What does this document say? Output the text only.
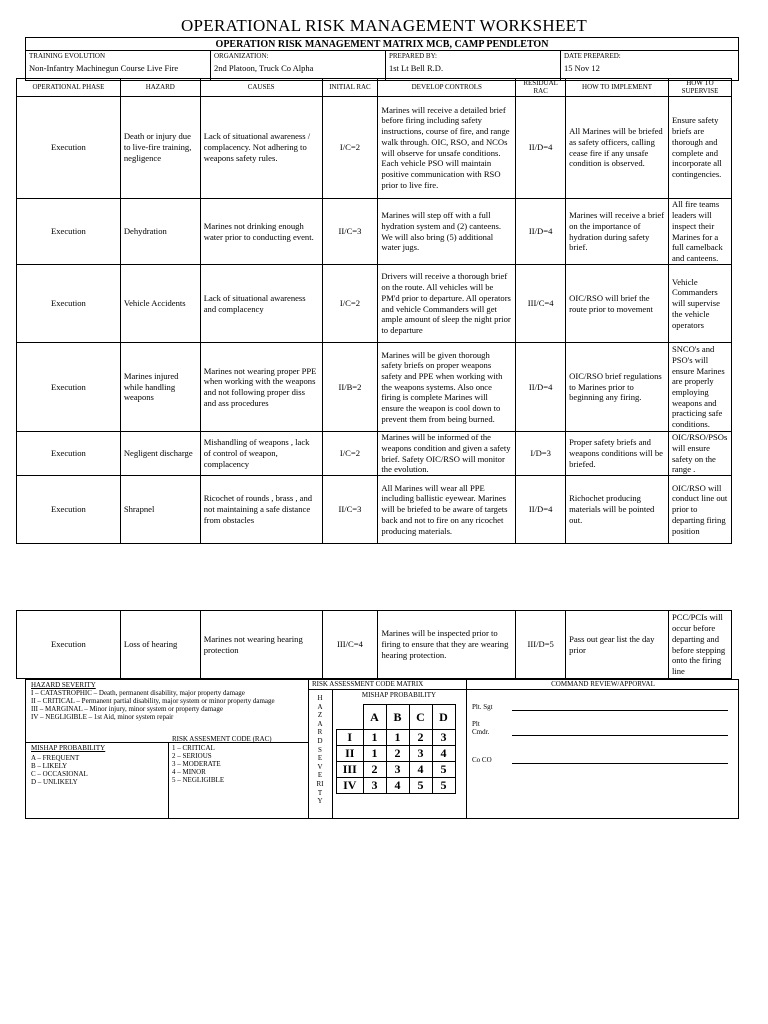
OPERATIONAL RISK MANAGEMENT WORKSHEET
OPERATION RISK MANAGEMENT MATRIX MCB, CAMP PENDLETON

TRAINING EVOLUTION
Non-Infantry Machinegun Course Live Fire

ORGANIZATION:
2nd Platoon, Truck Co Alpha

PREPARED BY:
1st Lt Bell R.D.

DATE PREPARED:
15 Nov 12
OPERATIONAL PHASE	HAZARD	CAUSES	INITIAL RAC	DEVELOP CONTROLS	RESIDUAL RAC	HOW TO IMPLEMENT	HOW TO SUPERVISE
Execution	Death or injury due to live-fire training, negligence	Lack of situational awareness / complacency. Not adhering to weapons safety rules.	I/C=2	Marines will receive a detailed brief before firing including safety instructions, course of fire, and range walk through. OIC, RSO, and NCOs will observe for unsafe conditions. Each vehicle PSO will maintain positive communication with RSO prior to live fire.	II/D=4	All Marines will be briefed as safety officers, calling cease fire if any unsafe condition is observed.	Ensure safety briefs are thorough and complete and incorporate all contingencies.
Execution	Dehydration	Marines not drinking enough water prior to conducting event.	II/C=3	Marines will step off with a full hydration system and (2) canteens. We will also bring (5) additional water jugs.	II/D=4	Marines will receive a brief on the importance of hydration during safety brief.	All fire teams leaders will inspect their Marines for a full camelback and canteens.
Execution	Vehicle Accidents	Lack of situational awareness and complacency	I/C=2	Drivers will receive a thorough brief on the route. All vehicles will be PM'd prior to departure. All operators and vehicle Commanders will get ample amount of sleep the night prior to departure	III/C=4	OIC/RSO will brief the route prior to movement	Vehicle Commanders will supervise the vehicle operators
Execution	Marines injured while handling weapons	Marines not wearing proper PPE when working with the weapons and not following proper diss and ass procedures	II/B=2	Marines will be given thorough safety briefs on proper weapons safety and PPE when working with the weapons systems. Also once firing is complete Marines will ensure the weapon is cool down to prevent them from being burned.	II/D=4	OIC/RSO brief regulations to Marines prior to beginning any firing.	SNCO's and PSO's will ensure Marines are properly employing weapons and practicing safe conditions.
Execution	Negligent discharge	Mishandling of weapons , lack of control of weapon, complacency	I/C=2	Marines will be informed of the weapons condition and given a safety brief. Safety OIC/RSO will monitor the evolution.	I/D=3	Proper safety briefs and weapons conditions will be briefed.	OIC/RSO/PSOs will ensure safety on the range .
Execution	Shrapnel	Ricochet of rounds , brass , and not maintaining a safe distance from obstacles	II/C=3	All Marines will wear all PPE including ballistic eyewear. Marines will be briefed to be aware of targets back and not to fire on any ricochet producing materials.	II/D=4	Richochet producing materials will be pointed out.	OIC/RSO will conduct line out prior to departing firing position
Execution	Loss of hearing	Marines not wearing hearing protection	III/C=4	Marines will be inspected prior to firing to ensure that they are wearing hearing protection.	III/D=5	Pass out gear list the day prior	PCC/PCIs will occur before departing and before stepping onto the firing line
HAZARD SEVERITY
I – CATASTROPHIC – Death, permanent disability, major property damage
II – CRITICAL – Permanent partial disability, major system or minor property damage
III – MARGINAL – Minor injury, minor system or property damage
IV – NEGLIGIBLE – 1st Aid, minor system repair
MISHAP PROBABILITY
A – FREQUENT
B – LIKELY
C – OCCASIONAL
D – UNLIKELY
RISK ASSESMENT CODE (RAC)
1 – CRITICAL
2 – SERIOUS
3 – MODERATE
4 – MINOR
5 – NEGLIGIBLE
RISK ASSESSMENT CODE MATRIX
HAZARD SEVERITY
MISHAP PROBABILITY
	A	B	C	D
I	1	1	2	3
II	1	2	3	4
III	2	3	4	5
IV	3	4	5	5
COMMAND REVIEW/APPORVAL
Plt. Sgt
Plt Cmdr.
Co CO
